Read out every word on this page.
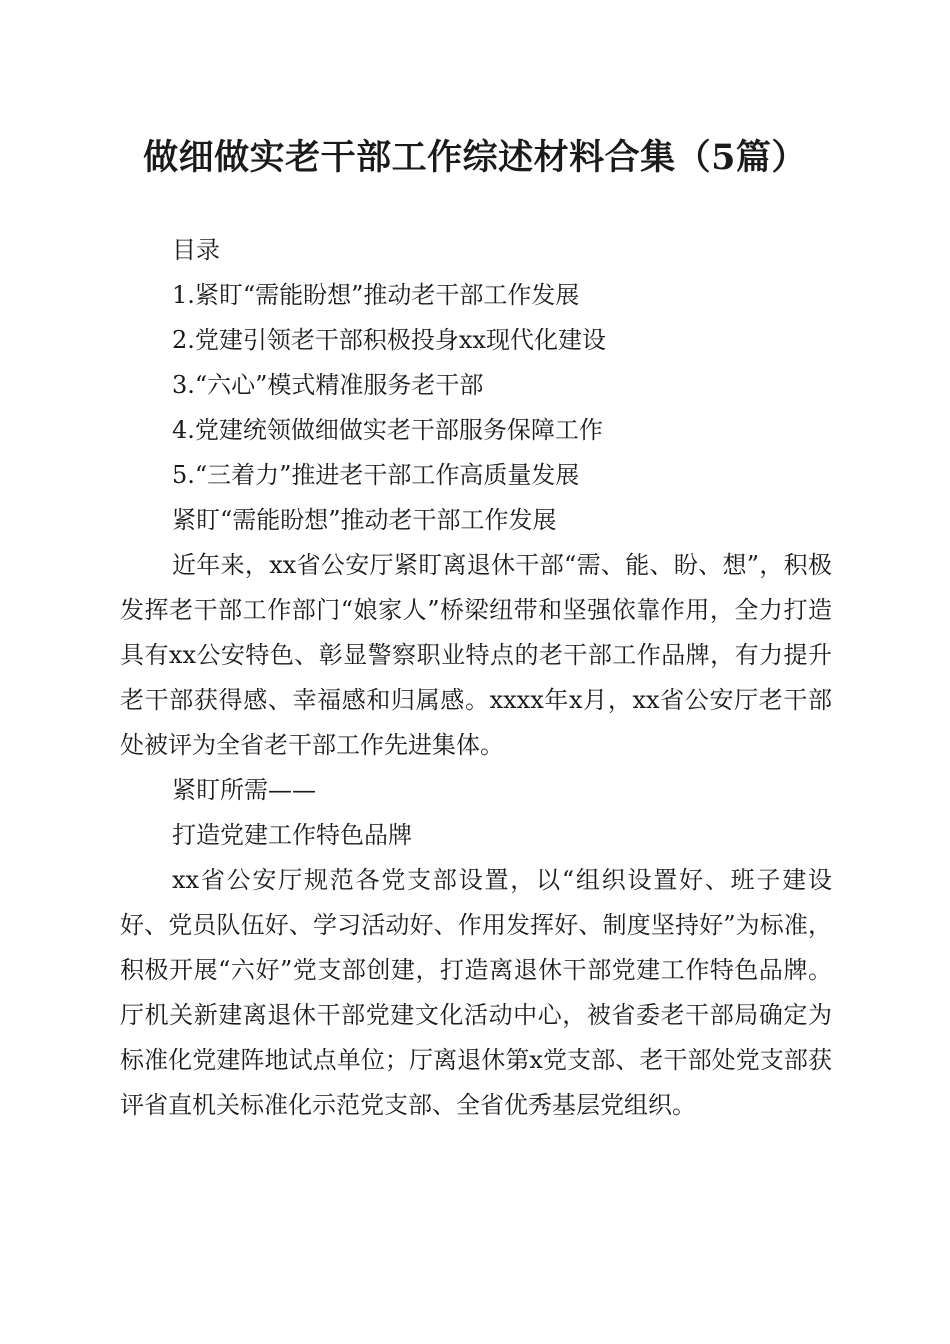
做细做实老干部工作综述材料合集（5篇）

目录

1.紧盯“需能盼想”推动老干部工作发展

2.党建引领老干部积极投身xx现代化建设

3.“六心”模式精准服务老干部

4.党建统领做细做实老干部服务保障工作

5.“三着力”推进老干部工作高质量发展

紧盯“需能盼想”推动老干部工作发展

近年来，xx省公安厅紧盯离退休干部“需、能、盼、想”，积极发挥老干部工作部门“娘家人”桥梁纽带和坚强依靠作用，全力打造具有xx公安特色、彰显警察职业特点的老干部工作品牌，有力提升老干部获得感、幸福感和归属感。xxxx年x月，xx省公安厅老干部处被评为全省老干部工作先进集体。

紧盯所需——

打造党建工作特色品牌

xx省公安厅规范各党支部设置，以“组织设置好、班子建设好、党员队伍好、学习活动好、作用发挥好、制度坚持好”为标准，积极开展“六好”党支部创建，打造离退休干部党建工作特色品牌。厅机关新建离退休干部党建文化活动中心，被省委老干部局确定为标准化党建阵地试点单位；厅离退休第x党支部、老干部处党支部获评省直机关标准化示范党支部、全省优秀基层党组织。
